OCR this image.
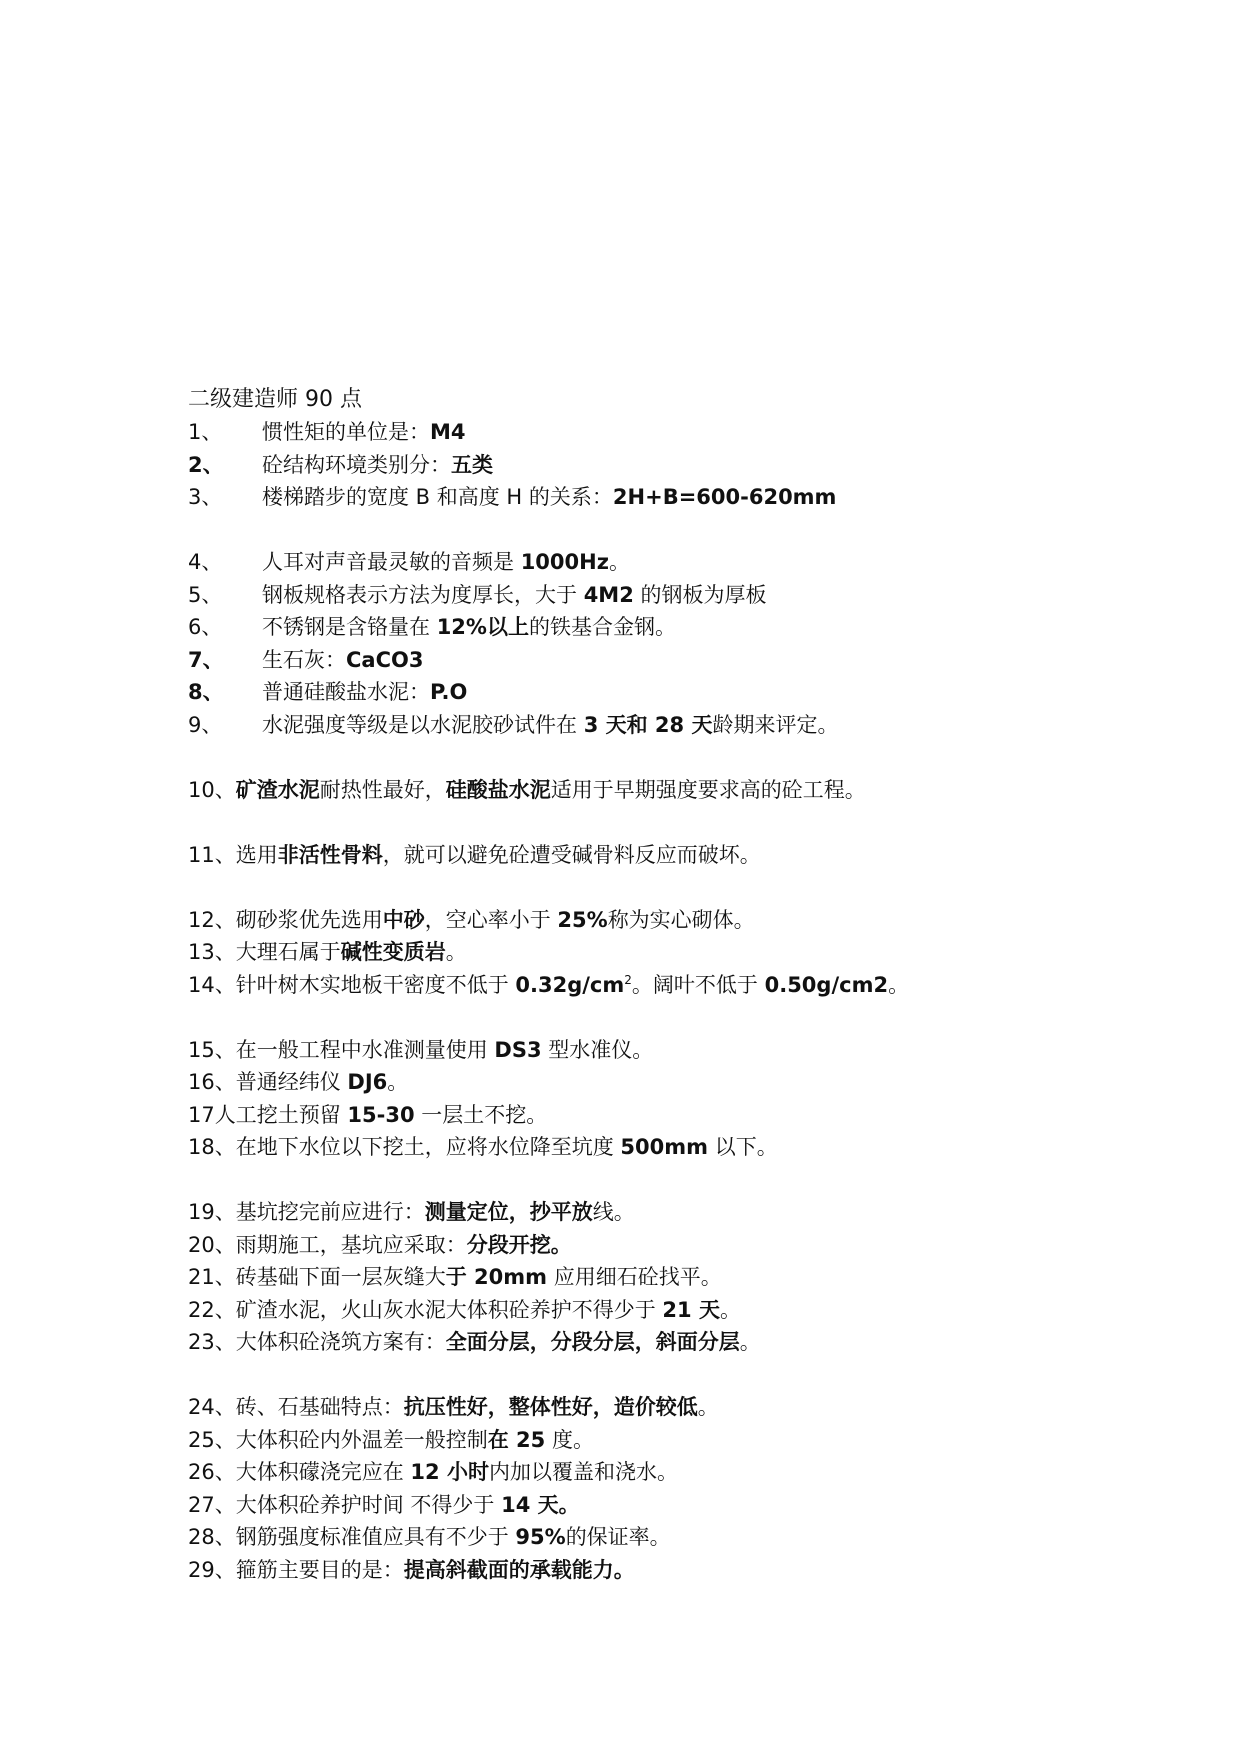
二级建造师 90 点
1、 惯性矩的单位是：M4
2、 砼结构环境类别分：五类
3、 楼梯踏步的宽度 B 和高度 H 的关系：2H+B=600-620mm
4、 人耳对声音最灵敏的音频是 1000Hz。
5、 钢板规格表示方法为度厚长，大于 4M2 的钢板为厚板
6、 不锈钢是含铬量在 12%以上的铁基合金钢。
7、 生石灰：CaCO3
8、 普通硅酸盐水泥：P.O
9、 水泥强度等级是以水泥胶砂试件在 3 天和 28 天龄期来评定。
10、矿渣水泥耐热性最好，硅酸盐水泥适用于早期强度要求高的砼工程。
11、选用非活性骨料，就可以避免砼遭受碱骨料反应而破坏。
12、砌砂浆优先选用中砂，空心率小于 25%称为实心砌体。
13、大理石属于碱性变质岩。
14、针叶树木实地板干密度不低于 $0.32g/cm^2$。阔叶不低于 0.50g/cm2。
15、在一般工程中水准测量使用 DS3 型水准仪。
16、普通经纬仪 DJ6。
17人工挖土预留 15-30 一层土不挖。
18、在地下水位以下挖土，应将水位降至坑度 500mm 以下。
19、基坑挖完前应进行：测量定位，抄平放线。
20、雨期施工，基坑应采取：分段开挖。
21、砖基础下面一层灰缝大于 20mm 应用细石砼找平。
22、矿渣水泥，火山灰水泥大体积砼养护不得少于 21 天。
23、大体积砼浇筑方案有：全面分层，分段分层，斜面分层。
24、砖、石基础特点：抗压性好，整体性好，造价较低。
25、大体积砼内外温差一般控制在 25 度。
26、大体积礞浇完应在 12 小时内加以覆盖和浇水。
27、大体积砼养护时间 不得少于 14 天。
28、钢筋强度标准值应具有不少于 95%的保证率。
29、箍筋主要目的是：提高斜截面的承载能力。
